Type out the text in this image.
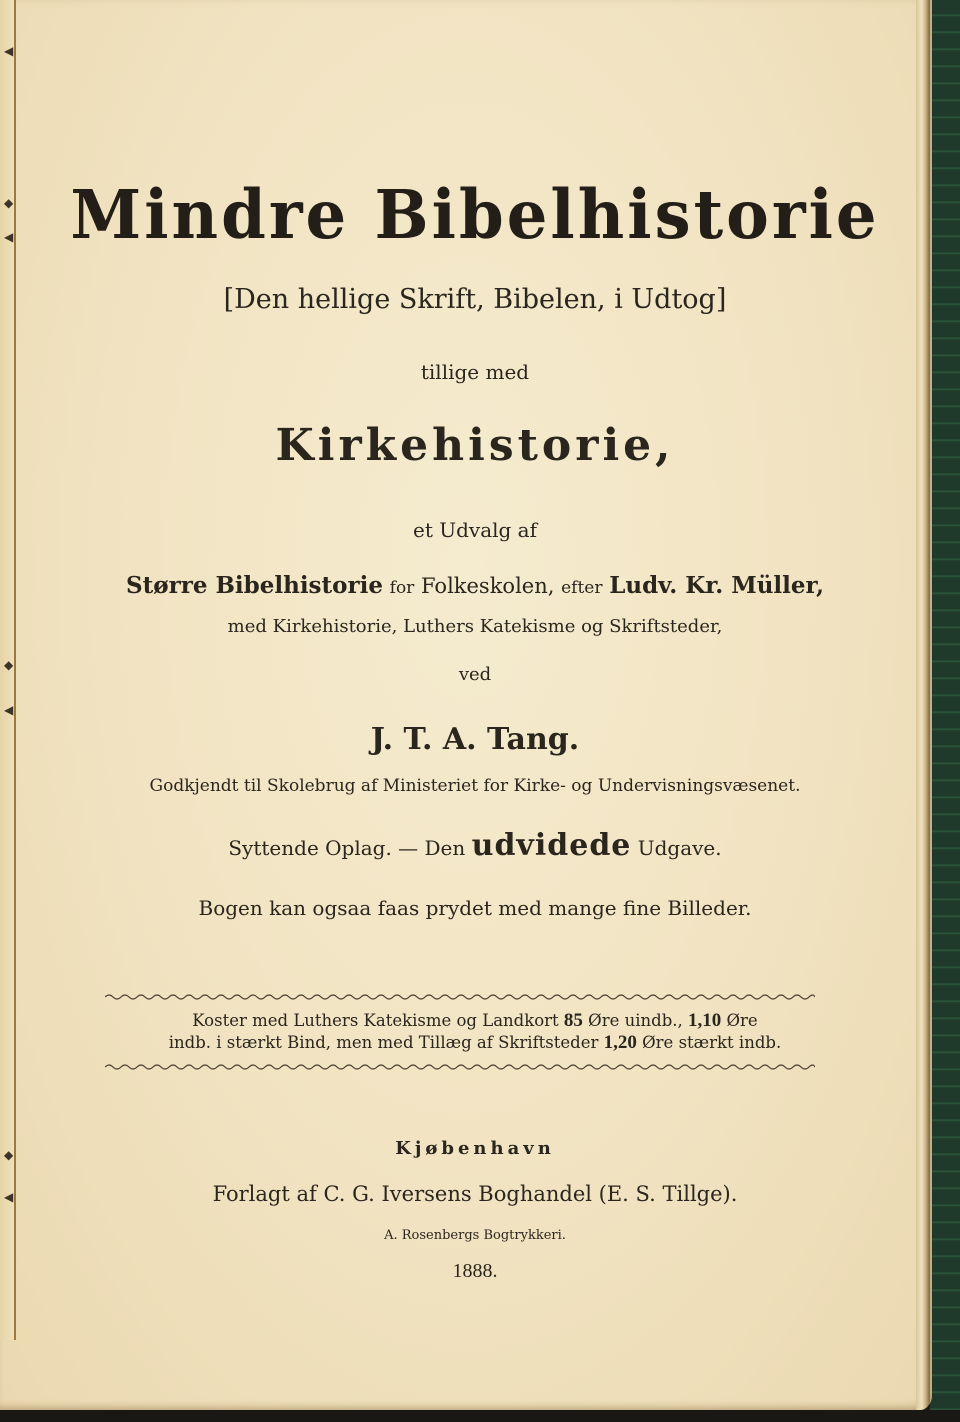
◀
◆
◀
◆
◀
◆
◀
Mindre Bibelhistorie
[Den hellige Skrift, Bibelen, i Udtog]
tillige med
Kirkehistorie,
et Udvalg af
Større Bibelhistorie for Folkeskolen, efter Ludv. Kr. Müller,
med Kirkehistorie, Luthers Katekisme og Skriftsteder,
ved
J. T. A. Tang.
Godkjendt til Skolebrug af Ministeriet for Kirke- og Undervisningsvæsenet.
Syttende Oplag. — Den udvidede Udgave.
Bogen kan ogsaa faas prydet med mange fine Billeder.
Koster med Luthers Katekisme og Landkort 85 Øre uindb., 1,10 Øre
indb. i stærkt Bind, men med Tillæg af Skriftsteder 1,20 Øre stærkt indb.
Kjøbenhavn
Forlagt af C. G. Iversens Boghandel (E. S. Tillge).
A. Rosenbergs Bogtrykkeri.
1888.
